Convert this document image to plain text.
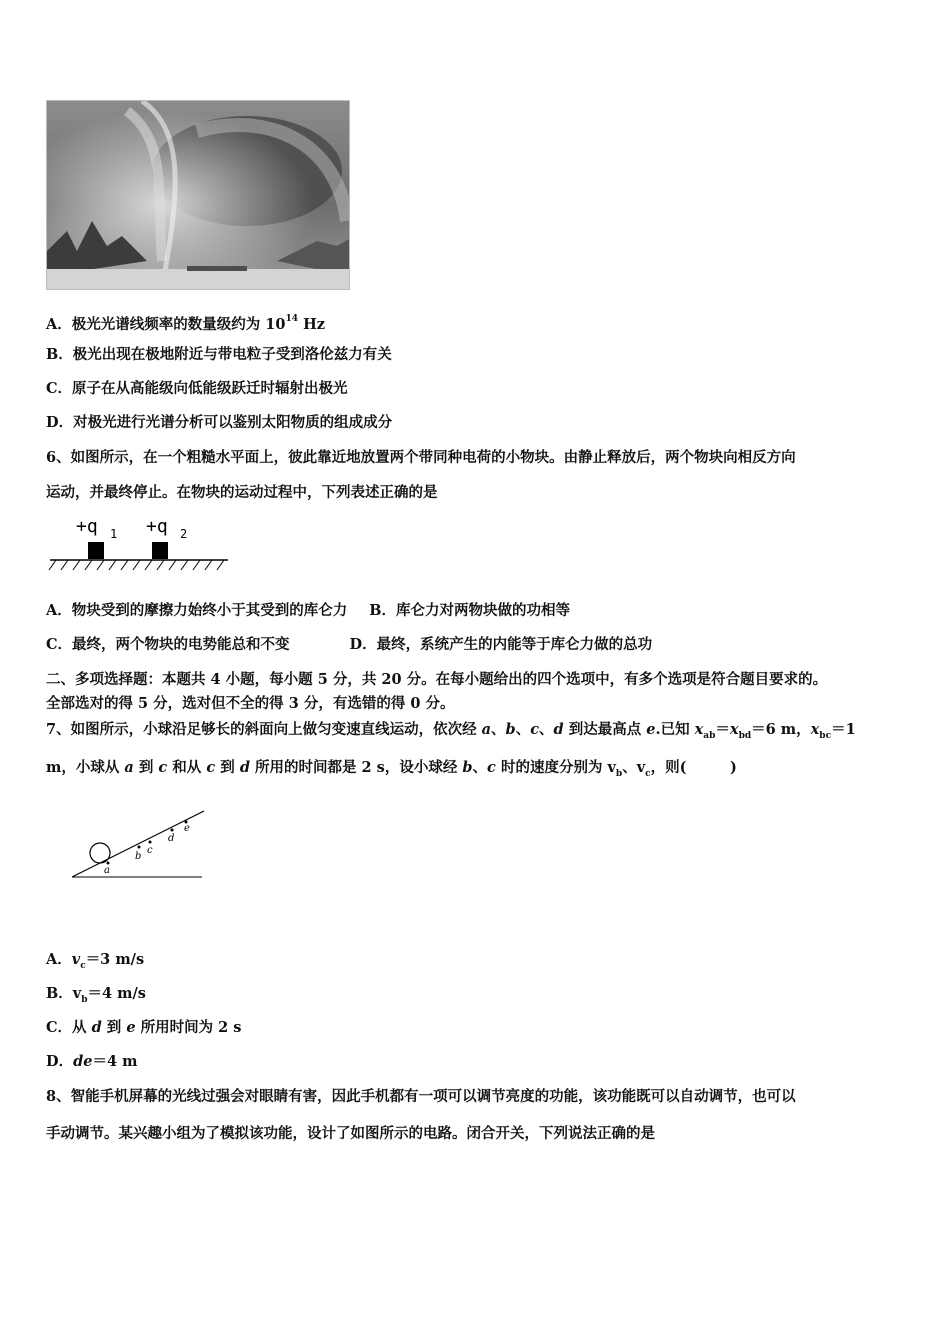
A．极光光谱线频率的数量级约为 $10^{14}$ Hz
B．极光出现在极地附近与带电粒子受到洛伦兹力有关
C．原子在从高能级向低能级跃迁时辐射出极光
D．对极光进行光谱分析可以鉴别太阳物质的组成成分
6、如图所示，在一个粗糙水平面上，彼此靠近地放置两个带同种电荷的小物块。由静止释放后，两个物块向相反方向
运动，并最终停止。在物块的运动过程中，下列表述正确的是
+q 1 +q 2
A．物块受到的摩擦力始终小于其受到的库仑力 B．库仑力对两物块做的功相等
C．最终，两个物块的电势能总和不变	D．最终，系统产生的内能等于库仑力做的总功
二、多项选择题：本题共 4 小题，每小题 5 分，共 20 分。在每小题给出的四个选项中，有多个选项是符合题目要求的。
全部选对的得 5 分，选对但不全的得 3 分，有选错的得 0 分。
7、如图所示，小球沿足够长的斜面向上做匀变速直线运动，依次经 a、b、c、d 到达最高点 e.已知 $x_{ab}=x_{bd}=6$ m，$x_{bc}=1$
m，小球从 a 到 c 和从 c 到 d 所用的时间都是 2 s，设小球经 b、c 时的速度分别为 $v_b$、$v_c$，则(　　　)
a
b
c
d
e
A．$v_c=3$ m/s
B．$v_b=4$ m/s
C．从 d 到 e 所用时间为 2 s
D．de＝4 m
8、智能手机屏幕的光线过强会对眼睛有害，因此手机都有一项可以调节亮度的功能，该功能既可以自动调节，也可以
手动调节。某兴趣小组为了模拟该功能，设计了如图所示的电路。闭合开关，下列说法正确的是
